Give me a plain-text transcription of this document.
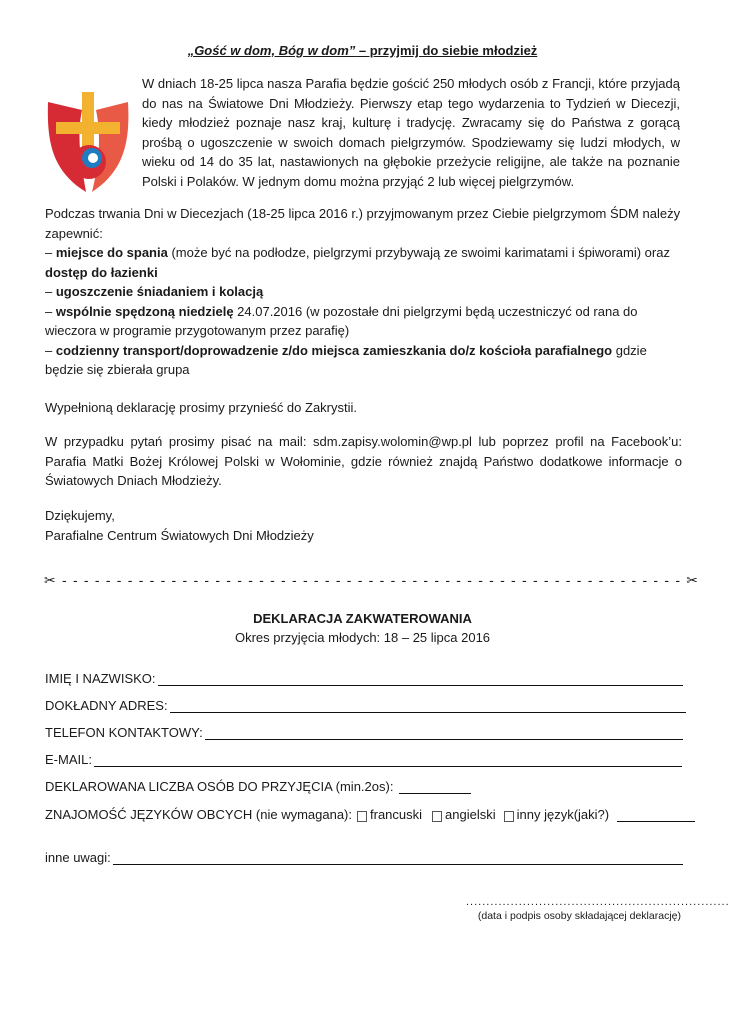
„Gość w dom, Bóg w dom” – przyjmij do siebie młodzież
W dniach 18-25 lipca nasza Parafia będzie gościć 250 młodych osób z Francji, które przyjadą do nas na Światowe Dni Młodzieży. Pierwszy etap tego wydarzenia to Tydzień w Diecezji, kiedy młodzież poznaje nasz kraj, kulturę i tradycję. Zwracamy się do Państwa z gorącą prośbą o ugoszczenie w swoich domach pielgrzymów. Spodziewamy się ludzi młodych, w wieku od 14 do 35 lat, nastawionych na głębokie przeżycie religijne, ale także na poznanie Polski i Polaków. W jednym domu można przyjąć 2 lub więcej pielgrzymów.
Podczas trwania Dni w Diecezjach (18-25 lipca 2016 r.) przyjmowanym przez Ciebie pielgrzymom ŚDM należy zapewnić:
– miejsce do spania (może być na podłodze, pielgrzymi przybywają ze swoimi karimatami i śpiworami) oraz dostęp do łazienki
– ugoszczenie śniadaniem i kolacją
– wspólnie spędzoną niedzielę 24.07.2016 (w pozostałe dni pielgrzymi będą uczestniczyć od rana do wieczora w programie przygotowanym przez parafię)
– codzienny transport/doprowadzenie z/do miejsca zamieszkania do/z kościoła parafialnego gdzie będzie się zbierała grupa
Wypełnioną deklarację prosimy przynieść do Zakrystii.
W przypadku pytań prosimy pisać na mail: sdm.zapisy.wolomin@wp.pl lub poprzez profil na Facebook’u: Parafia Matki Bożej Królowej Polski w Wołominie, gdzie również znajdą Państwo dodatkowe informacje o Światowych Dniach Młodzieży.
Dziękujemy,
Parafialne Centrum Światowych Dni Młodzieży
✂ - - - - - - - - - - - - - - - - - - - - - - - - - - - - - - - - - - - - - - - - - - - - - - - - - - - - - - - - - ✂
DEKLARACJA ZAKWATEROWANIA
Okres przyjęcia młodych: 18 – 25 lipca 2016
IMIĘ I NAZWISKO:
DOKŁADNY ADRES:
TELEFON KONTAKTOWY:
E-MAIL:
DEKLAROWANA LICZBA OSÓB DO PRZYJĘCIA (min.2os):
ZNAJOMOŚĆ JĘZYKÓW OBCYCH (nie wymagana): francuski angielski inny język(jaki?)
inne uwagi:
.................................................................
(data i podpis osoby składającej deklarację)
